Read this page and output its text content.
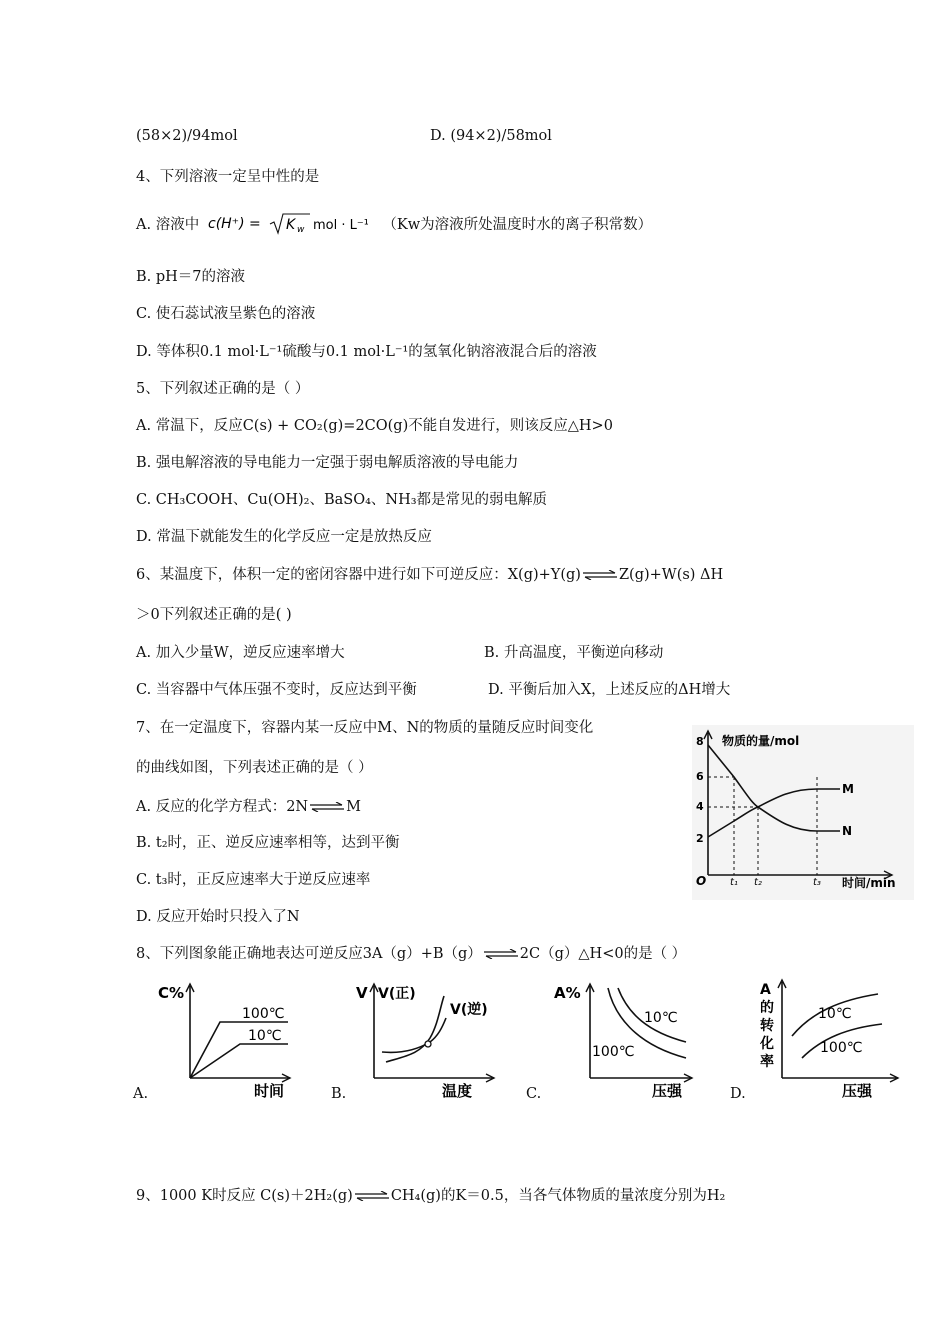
(58×2)/94mol	D. (94×2)/58mol
4、下列溶液一定呈中性的是
A. 溶液中 c(H⁺) = K w mol · L⁻¹ （Kw为溶液所处温度时水的离子积常数）
B. pH＝7的溶液
C. 使石蕊试液呈紫色的溶液
D. 等体积0.1 mol·L⁻¹硫酸与0.1 mol·L⁻¹的氢氧化钠溶液混合后的溶液
5、下列叙述正确的是（ ）
A. 常温下，反应C(s) + CO₂(g)=2CO(g)不能自发进行，则该反应△H>0
B. 强电解溶液的导电能力一定强于弱电解质溶液的导电能力
C. CH₃COOH、Cu(OH)₂、BaSO₄、NH₃都是常见的弱电解质
D. 常温下就能发生的化学反应一定是放热反应
6、某温度下，体积一定的密闭容器中进行如下可逆反应：X(g)+Y(g)	Z(g)+W(s) ΔH
＞0下列叙述正确的是( )
A. 加入少量W，逆反应速率增大	B. 升高温度，平衡逆向移动
C. 当容器中气体压强不变时，反应达到平衡	D. 平衡后加入X，上述反应的ΔH增大
7、在一定温度下，容器内某一反应中M、N的物质的量随反应时间变化
的曲线如图，下列表述正确的是（ ）
A. 反应的化学方程式：2N	M
B. t₂时，正、逆反应速率相等，达到平衡
C. t₃时，正反应速率大于逆反应速率
D. 反应开始时只投入了N
物质的量/mol
8
6
4
2
O
M
N
t₁ t₂	t₃ 时间/min
8、下列图象能正确地表达可逆反应3A（g）+B（g）	2C（g）△H<0的是（ ）
A.	B.	C.	D.
C%
100℃
10℃
时间
V V(正)
V(逆)
温度
A%
10℃
100℃
压强
A
的
转
化
率
10℃
100℃
压强
9、1000 K时反应 C(s)＋2H₂(g)	CH₄(g)的K＝0.5，当各气体物质的量浓度分别为H₂
